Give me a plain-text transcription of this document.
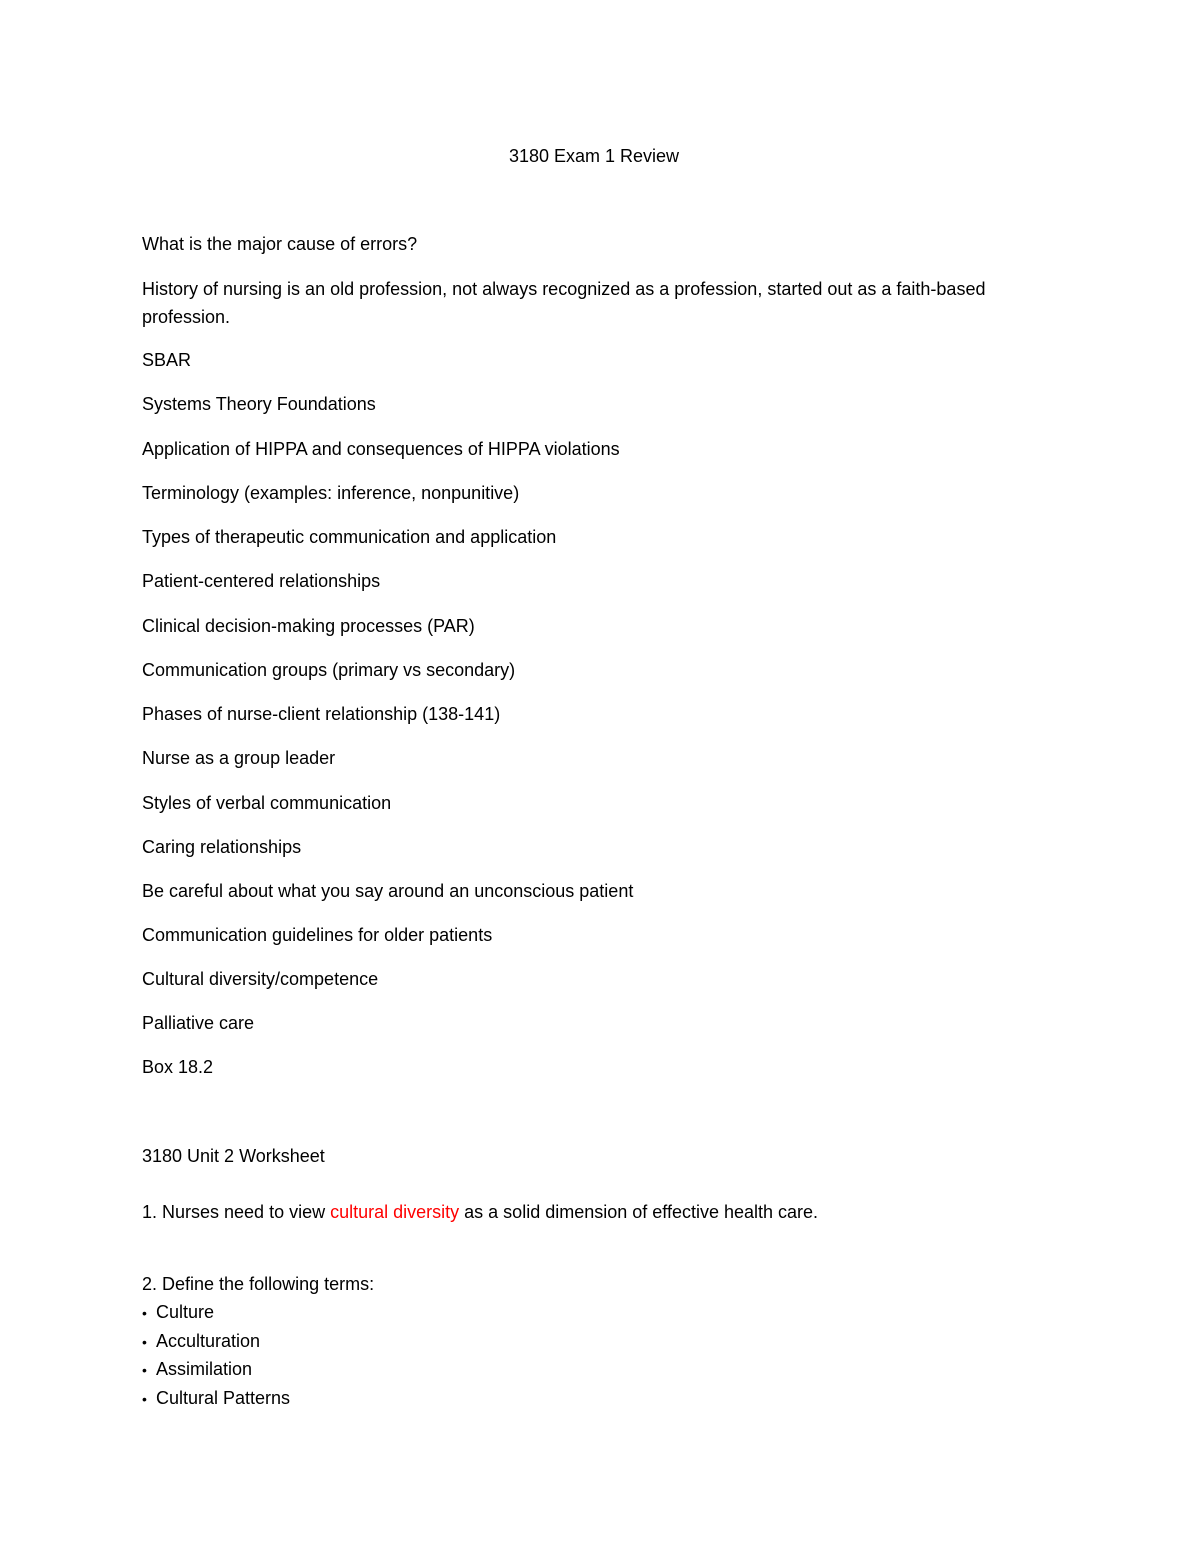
3180 Exam 1 Review

What is the major cause of errors?

History of nursing is an old profession, not always recognized as a profession, started out as a faith-based profession.

SBAR

Systems Theory Foundations

Application of HIPPA and consequences of HIPPA violations

Terminology (examples: inference, nonpunitive)

Types of therapeutic communication and application

Patient-centered relationships

Clinical decision-making processes (PAR)

Communication groups (primary vs secondary)

Phases of nurse-client relationship (138-141)

Nurse as a group leader

Styles of verbal communication

Caring relationships

Be careful about what you say around an unconscious patient

Communication guidelines for older patients

Cultural diversity/competence

Palliative care

Box 18.2

3180 Unit 2 Worksheet

1. Nurses need to view cultural diversity as a solid dimension of effective health care.

2. Define the following terms:

• Culture
• Acculturation
• Assimilation
• Cultural Patterns
